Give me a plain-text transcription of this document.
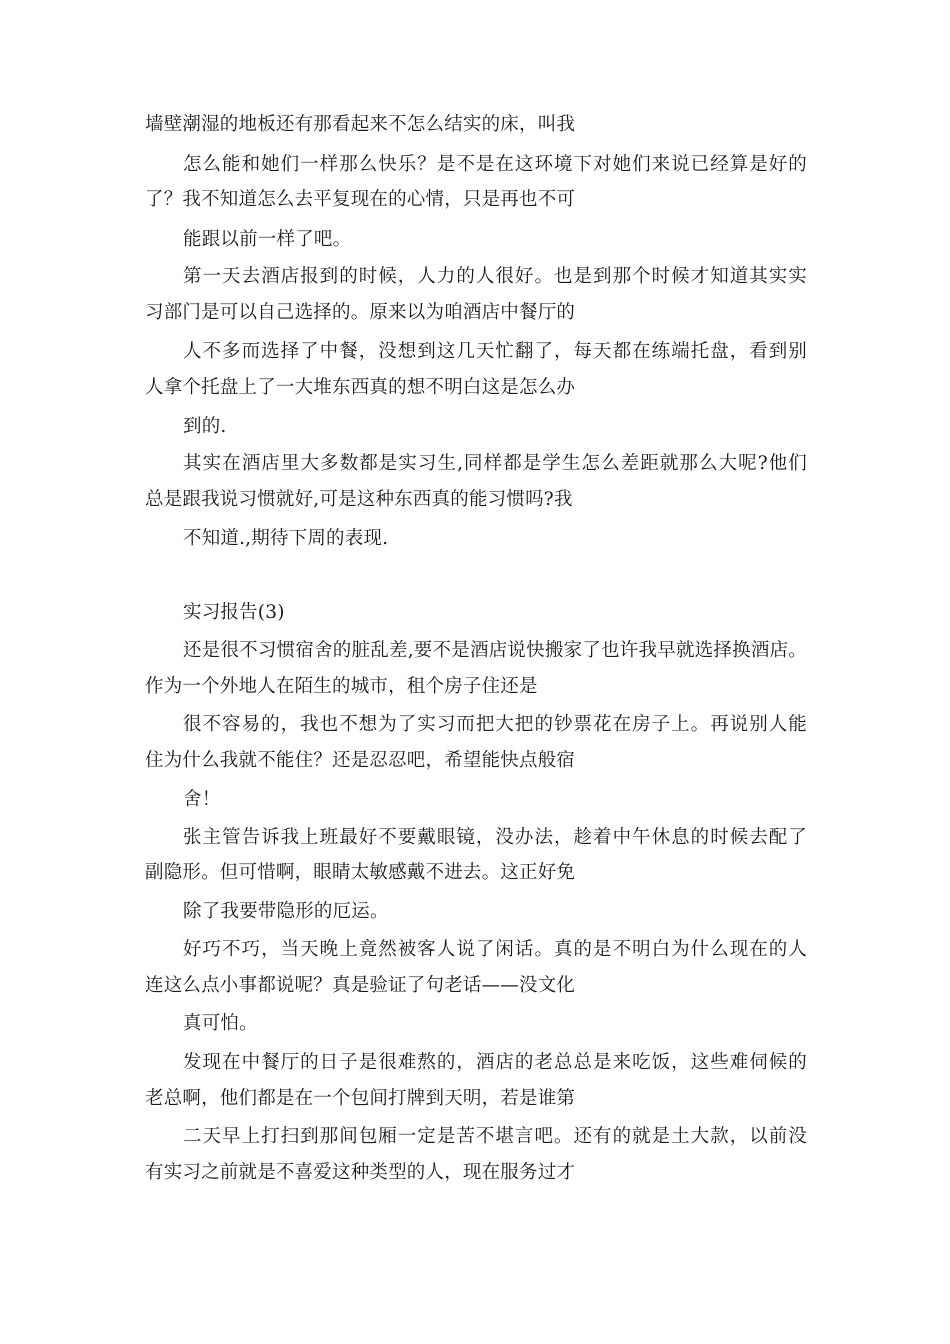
墙壁潮湿的地板还有那看起来不怎么结实的床，叫我
怎么能和她们一样那么快乐？是不是在这环境下对她们来说已经算是好的
了？我不知道怎么去平复现在的心情，只是再也不可
能跟以前一样了吧。
第一天去酒店报到的时候，人力的人很好。也是到那个时候才知道其实实
习部门是可以自己选择的。原来以为咱酒店中餐厅的
人不多而选择了中餐，没想到这几天忙翻了，每天都在练端托盘，看到别
人拿个托盘上了一大堆东西真的想不明白这是怎么办
到的.
其实在酒店里大多数都是实习生,同样都是学生怎么差距就那么大呢?他们
总是跟我说习惯就好,可是这种东西真的能习惯吗?我
不知道.,期待下周的表现.
实习报告(3)
还是很不习惯宿舍的脏乱差,要不是酒店说快搬家了也许我早就选择换酒店。
作为一个外地人在陌生的城市，租个房子住还是
很不容易的，我也不想为了实习而把大把的钞票花在房子上。再说别人能
住为什么我就不能住？还是忍忍吧，希望能快点般宿
舍！
张主管告诉我上班最好不要戴眼镜，没办法，趁着中午休息的时候去配了
副隐形。但可惜啊，眼睛太敏感戴不进去。这正好免
除了我要带隐形的厄运。
好巧不巧，当天晚上竟然被客人说了闲话。真的是不明白为什么现在的人
连这么点小事都说呢？真是验证了句老话——没文化
真可怕。
发现在中餐厅的日子是很难熬的，酒店的老总总是来吃饭，这些难伺候的
老总啊，他们都是在一个包间打牌到天明，若是谁第
二天早上打扫到那间包厢一定是苦不堪言吧。还有的就是土大款，以前没
有实习之前就是不喜爱这种类型的人，现在服务过才
